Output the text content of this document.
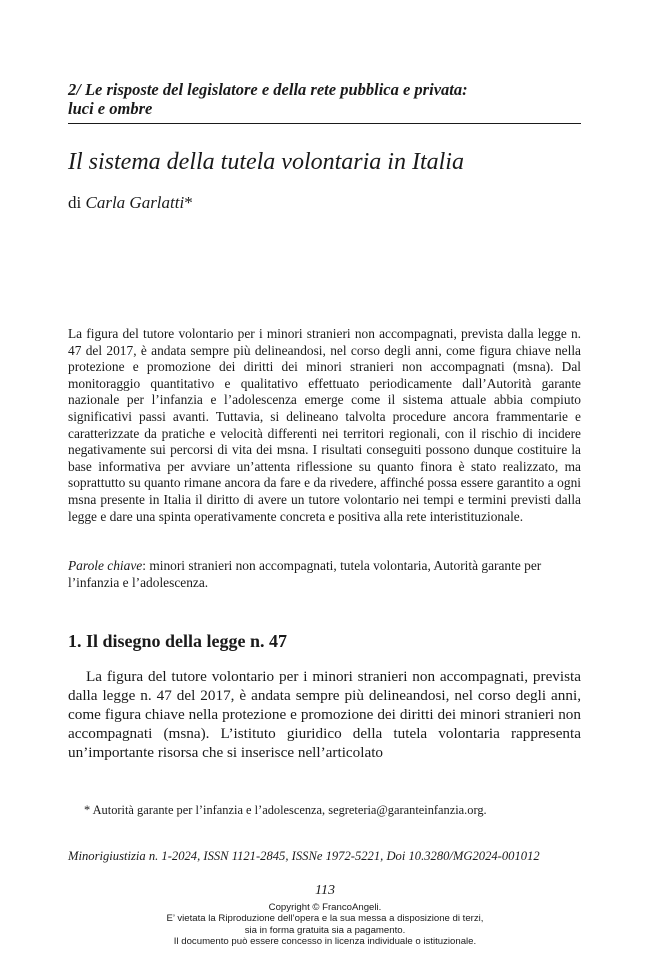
2/ Le risposte del legislatore e della rete pubblica e privata:
luci e ombre
Il sistema della tutela volontaria in Italia
di Carla Garlatti*

La figura del tutore volontario per i minori stranieri non accompagnati, prevista dalla legge n. 47 del 2017, è andata sempre più delineandosi, nel corso degli anni, come figura chiave nella protezione e promozione dei diritti dei minori stranieri non accompagnati (msna). Dal monitoraggio quantitativo e qualitativo effettuato periodicamente dall’Autorità garante nazionale per l’infanzia e l’adolescenza emerge come il sistema attuale abbia compiuto significativi passi avanti. Tuttavia, si delineano talvolta procedure ancora frammentarie e caratterizzate da pratiche e velocità differenti nei territori regionali, con il rischio di incidere negativamente sui percorsi di vita dei msna. I risultati conseguiti possono dunque costituire la base informativa per avviare un’attenta riflessione su quanto finora è stato realizzato, ma soprattutto su quanto rimane ancora da fare e da rivedere, affinché possa essere garantito a ogni msna presente in Italia il diritto di avere un tutore volontario nei tempi e termini previsti dalla legge e dare una spinta operativamente concreta e positiva alla rete interistituzionale.

Parole chiave: minori stranieri non accompagnati, tutela volontaria, Autorità garante per l’infanzia e l’adolescenza.

1. Il disegno della legge n. 47

La figura del tutore volontario per i minori stranieri non accompagnati, prevista dalla legge n. 47 del 2017, è andata sempre più delineandosi, nel corso degli anni, come figura chiave nella protezione e promozione dei diritti dei minori stranieri non accompagnati (msna). L’istituto giuridico della tutela volontaria rappresenta un’importante risorsa che si inserisce nell’articolato

* Autorità garante per l’infanzia e l’adolescenza, segreteria@garanteinfanzia.org.

Minorigiustizia n. 1-2024, ISSN 1121-2845, ISSNe 1972-5221, Doi 10.3280/MG2024-001012

113
Copyright © FrancoAngeli.
E’ vietata la Riproduzione dell’opera e la sua messa a disposizione di terzi,
sia in forma gratuita sia a pagamento.
Il documento può essere concesso in licenza individuale o istituzionale.
